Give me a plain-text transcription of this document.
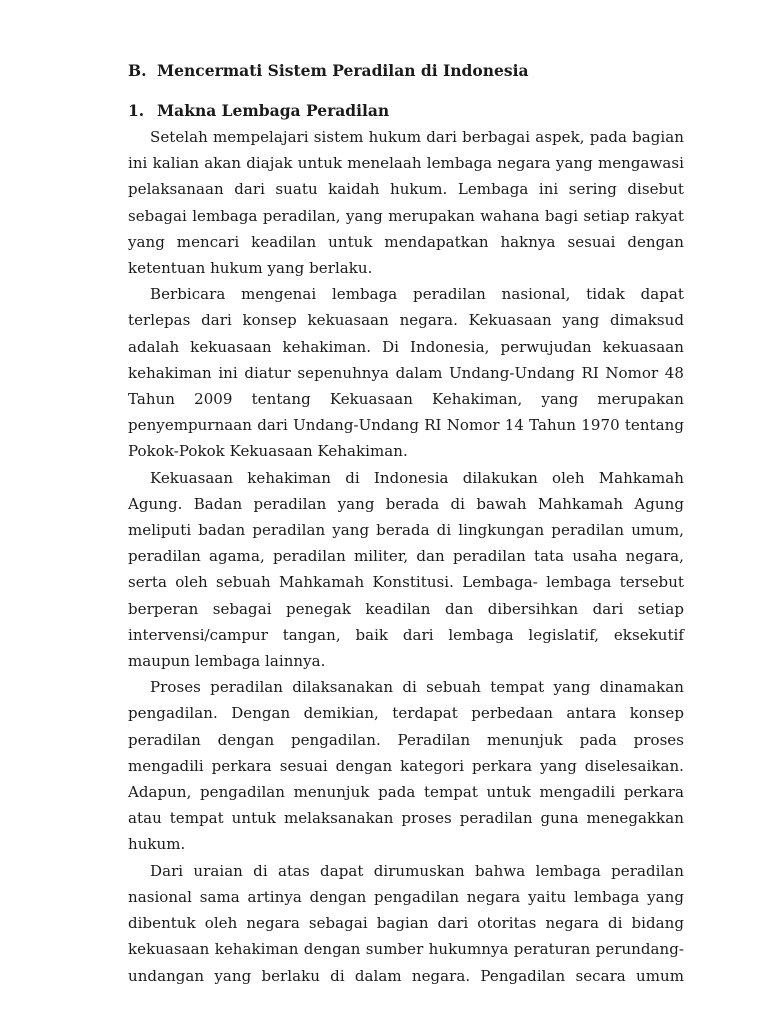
B. Mencermati Sistem Peradilan di Indonesia
1. Makna Lembaga Peradilan

Setelah mempelajari sistem hukum dari berbagai aspek, pada bagian ini kalian akan diajak untuk menelaah lembaga negara yang mengawasi pelaksanaan dari suatu kaidah hukum. Lembaga ini sering disebut sebagai lembaga peradilan, yang merupakan wahana bagi setiap rakyat yang mencari keadilan untuk mendapatkan haknya sesuai dengan ketentuan hukum yang berlaku.

Berbicara mengenai lembaga peradilan nasional, tidak dapat terlepas dari konsep kekuasaan negara. Kekuasaan yang dimaksud adalah kekuasaan kehakiman. Di Indonesia, perwujudan kekuasaan kehakiman ini diatur sepenuhnya dalam Undang-Undang RI Nomor 48 Tahun 2009 tentang Kekuasaan Kehakiman, yang merupakan penyempurnaan dari Undang-Undang RI Nomor 14 Tahun 1970 tentang Pokok-Pokok Kekuasaan Kehakiman.

Kekuasaan kehakiman di Indonesia dilakukan oleh Mahkamah Agung. Badan peradilan yang berada di bawah Mahkamah Agung meliputi badan peradilan yang berada di lingkungan peradilan umum, peradilan agama, peradilan militer, dan peradilan tata usaha negara, serta oleh sebuah Mahkamah Konstitusi. Lembaga- lembaga tersebut berperan sebagai penegak keadilan dan dibersihkan dari setiap intervensi/campur tangan, baik dari lembaga legislatif, eksekutif maupun lembaga lainnya.

Proses peradilan dilaksanakan di sebuah tempat yang dinamakan pengadilan. Dengan demikian, terdapat perbedaan antara konsep peradilan dengan pengadilan. Peradilan menunjuk pada proses mengadili perkara sesuai dengan kategori perkara yang diselesaikan. Adapun, pengadilan menunjuk pada tempat untuk mengadili perkara atau tempat untuk melaksanakan proses peradilan guna menegakkan hukum.

Dari uraian di atas dapat dirumuskan bahwa lembaga peradilan nasional sama artinya dengan pengadilan negara yaitu lembaga yang dibentuk oleh negara sebagai bagian dari otoritas negara di bidang kekuasaan kehakiman dengan sumber hukumnya peraturan perundang-undangan yang berlaku di dalam negara. Pengadilan secara umum
